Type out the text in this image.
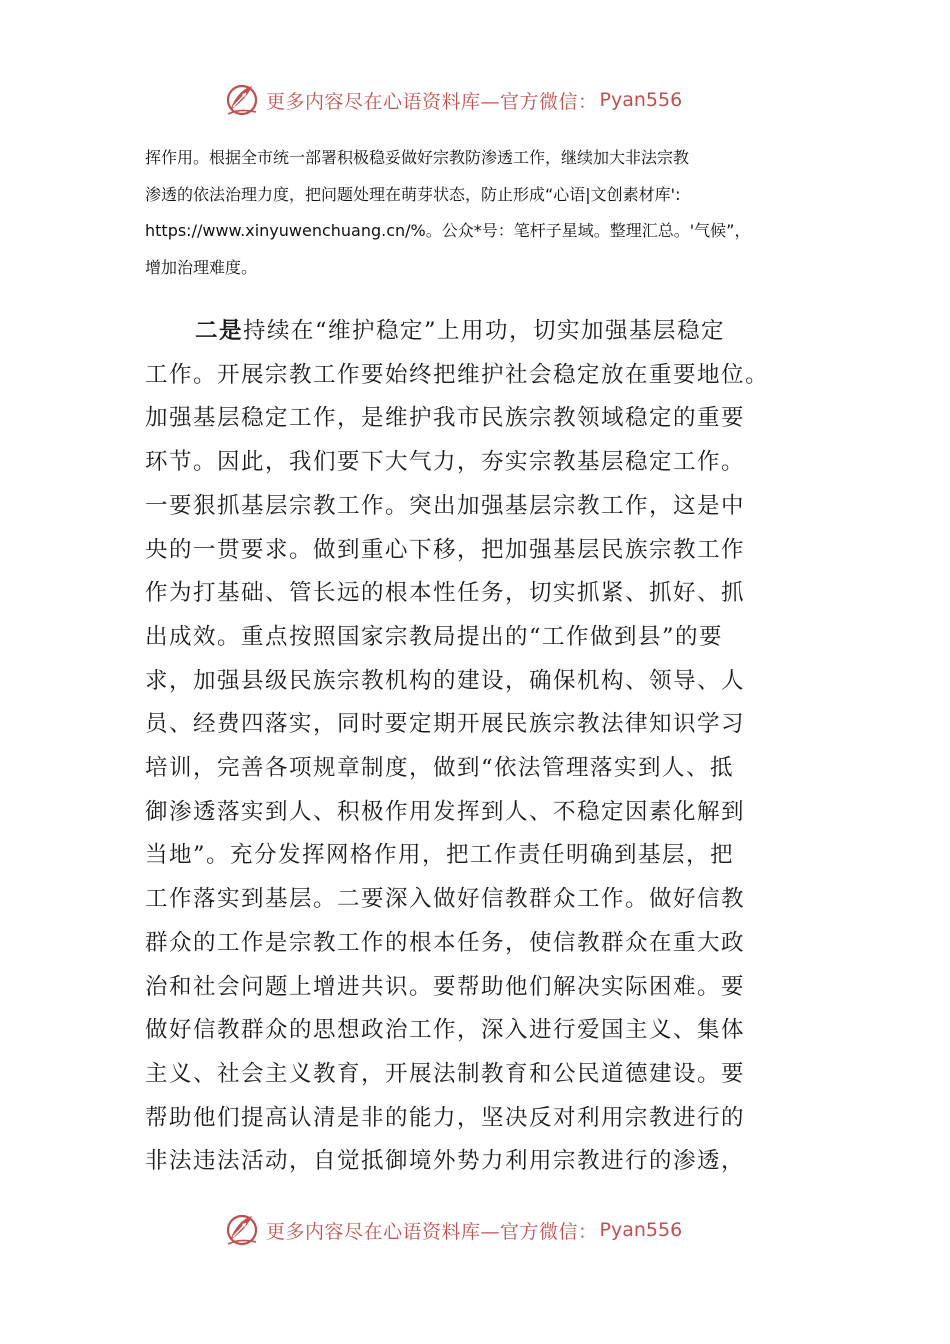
更多内容尽在心语资料库—官方微信： Pyan556

挥作用。根据全市统一部署积极稳妥做好宗教防渗透工作，继续加大非法宗教
渗透的依法治理力度，把问题处理在萌芽状态，防止形成“心语|文创素材库':
https://www.xinyuwenchuang.cn/%。公众*号：笔杆子星域。整理汇总。'气候”，
增加治理难度。

二是持续在“维护稳定”上用功，切实加强基层稳定
工作。开展宗教工作要始终把维护社会稳定放在重要地位。
加强基层稳定工作，是维护我市民族宗教领域稳定的重要
环节。因此，我们要下大气力，夯实宗教基层稳定工作。
一要狠抓基层宗教工作。突出加强基层宗教工作，这是中
央的一贯要求。做到重心下移，把加强基层民族宗教工作
作为打基础、管长远的根本性任务，切实抓紧、抓好、抓
出成效。重点按照国家宗教局提出的“工作做到县”的要
求，加强县级民族宗教机构的建设，确保机构、领导、人
员、经费四落实，同时要定期开展民族宗教法律知识学习
培训，完善各项规章制度，做到“依法管理落实到人、抵
御渗透落实到人、积极作用发挥到人、不稳定因素化解到
当地”。充分发挥网格作用，把工作责任明确到基层，把
工作落实到基层。二要深入做好信教群众工作。做好信教
群众的工作是宗教工作的根本任务，使信教群众在重大政
治和社会问题上增进共识。要帮助他们解决实际困难。要
做好信教群众的思想政治工作，深入进行爱国主义、集体
主义、社会主义教育，开展法制教育和公民道德建设。要
帮助他们提高认清是非的能力，坚决反对利用宗教进行的
非法违法活动，自觉抵御境外势力利用宗教进行的渗透，

更多内容尽在心语资料库—官方微信： Pyan556
